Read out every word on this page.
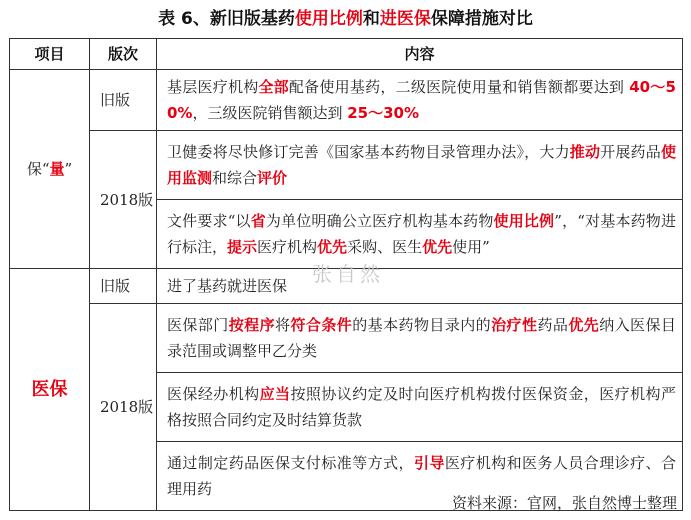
表 6、新旧版基药使用比例和进医保保障措施对比
项目	版次	内容
保“量”	旧版	基层医疗机构全部配备使用基药，二级医院使用量和销售额都要达到 40～50%，三级医院销售额达到 25～30%
	2018版	卫健委将尽快修订完善《国家基本药物目录管理办法》，大力推动开展药品使用监测和综合评价
		文件要求“以省为单位明确公立医疗机构基本药物使用比例”，“对基本药物进行标注，提示医疗机构优先采购、医生优先使用”
医保	旧版	进了基药就进医保
	2018版	医保部门按程序将符合条件的基本药物目录内的治疗性药品优先纳入医保目录范围或调整甲乙分类
		医保经办机构应当按照协议约定及时向医疗机构拨付医保资金，医疗机构严格按照合同约定及时结算货款
		通过制定药品医保支付标准等方式，引导医疗机构和医务人员合理诊疗、合理用药
张自然
资料来源：官网，张自然博士整理
